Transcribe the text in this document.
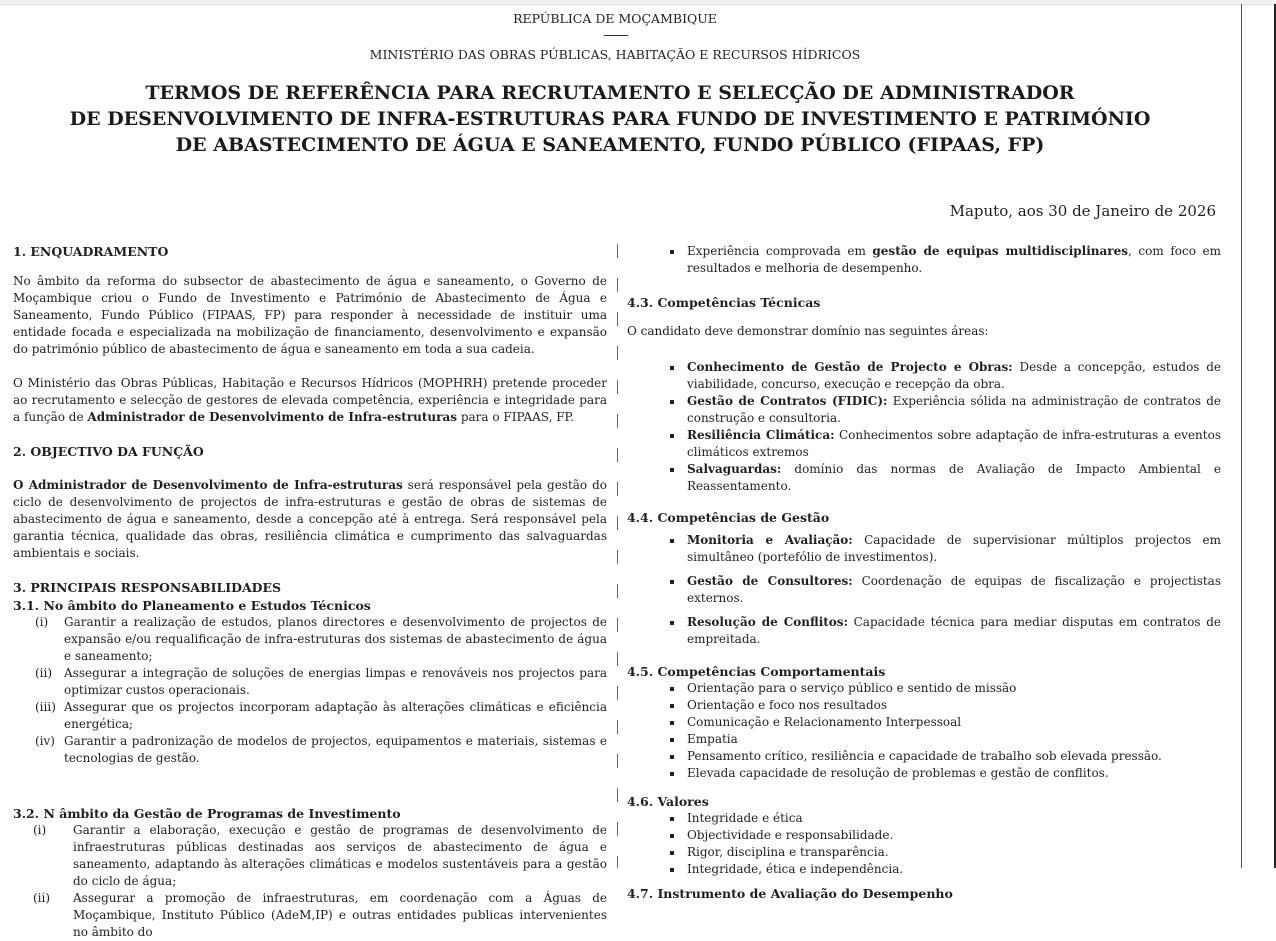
REPÚBLICA DE MOÇAMBIQUE
MINISTÉRIO DAS OBRAS PÚBLICAS, HABITAÇÃO E RECURSOS HÍDRICOS
TERMOS DE REFERÊNCIA PARA RECRUTAMENTO E SELECÇÃO DE ADMINISTRADOR
DE DESENVOLVIMENTO DE INFRA-ESTRUTURAS PARA FUNDO DE INVESTIMENTO E PATRIMÓNIO
DE ABASTECIMENTO DE ÁGUA E SANEAMENTO, FUNDO PÚBLICO (FIPAAS, FP)
Maputo, aos 30 de Janeiro de 2026
1. ENQUADRAMENTO

No âmbito da reforma do subsector de abastecimento de água e saneamento, o Governo de Moçambique criou o Fundo de Investimento e Património de Abastecimento de Água e Saneamento, Fundo Público (FIPAAS, FP) para responder à necessidade de instituir uma entidade focada e especializada na mobilização de financiamento, desenvolvimento e expansão do património público de abastecimento de água e saneamento em toda a sua cadeia.

O Ministério das Obras Públicas, Habitação e Recursos Hídricos (MOPHRH) pretende proceder ao recrutamento e selecção de gestores de elevada competência, experiência e integridade para a função de Administrador de Desenvolvimento de Infra-estruturas para o FIPAAS, FP.

2. OBJECTIVO DA FUNÇÃO

O Administrador de Desenvolvimento de Infra-estruturas será responsável pela gestão do ciclo de desenvolvimento de projectos de infra-estruturas e gestão de obras de sistemas de abastecimento de água e saneamento, desde a concepção até à entrega. Será responsável pela garantia técnica, qualidade das obras, resiliência climática e cumprimento das salvaguardas ambientais e sociais.

3. PRINCIPAIS RESPONSABILIDADES
3.1. No âmbito do Planeamento e Estudos Técnicos
(i) Garantir a realização de estudos, planos directores e desenvolvimento de projectos de expansão e/ou requalificação de infra-estruturas dos sistemas de abastecimento de água e saneamento;
(ii) Assegurar a integração de soluções de energias limpas e renováveis nos projectos para optimizar custos operacionais.
(iii) Assegurar que os projectos incorporam adaptação às alterações climáticas e eficiência energética;
(iv) Garantir a padronização de modelos de projectos, equipamentos e materiais, sistemas e tecnologias de gestão.
3.2. N âmbito da Gestão de Programas de Investimento
(i) Garantir a elaboração, execução e gestão de programas de desenvolvimento de infraestruturas públicas destinadas aos serviços de abastecimento de água e saneamento, adaptando às alterações climáticas e modelos sustentáveis para a gestão do ciclo de água;
(ii) Assegurar a promoção de infraestruturas, em coordenação com a Águas de Moçambique, Instituto Público (AdeM,IP) e outras entidades publicas intervenientes no âmbito do
Experiência comprovada em gestão de equipas multidisciplinares, com foco em resultados e melhoria de desempenho.
4.3. Competências Técnicas

O candidato deve demonstrar domínio nas seguintes áreas:

Conhecimento de Gestão de Projecto e Obras: Desde a concepção, estudos de viabilidade, concurso, execução e recepção da obra.
Gestão de Contratos (FIDIC): Experiência sólida na administração de contratos de construção e consultoria.
Resiliência Climática: Conhecimentos sobre adaptação de infra-estruturas a eventos climáticos extremos
Salvaguardas: domínio das normas de Avaliação de Impacto Ambiental e Reassentamento.
4.4. Competências de Gestão
Monitoria e Avaliação: Capacidade de supervisionar múltiplos projectos em simultâneo (portefólio de investimentos).
Gestão de Consultores: Coordenação de equipas de fiscalização e projectistas externos.
Resolução de Conflitos: Capacidade técnica para mediar disputas em contratos de empreitada.
4.5. Competências Comportamentais
Orientação para o serviço público e sentido de missão
Orientação e foco nos resultados
Comunicação e Relacionamento Interpessoal
Empatia
Pensamento crítico, resiliência e capacidade de trabalho sob elevada pressão.
Elevada capacidade de resolução de problemas e gestão de conflitos.
4.6. Valores
Integridade e ética
Objectividade e responsabilidade.
Rigor, disciplina e transparência.
Integridade, ética e independência.
4.7. Instrumento de Avaliação do Desempenho
